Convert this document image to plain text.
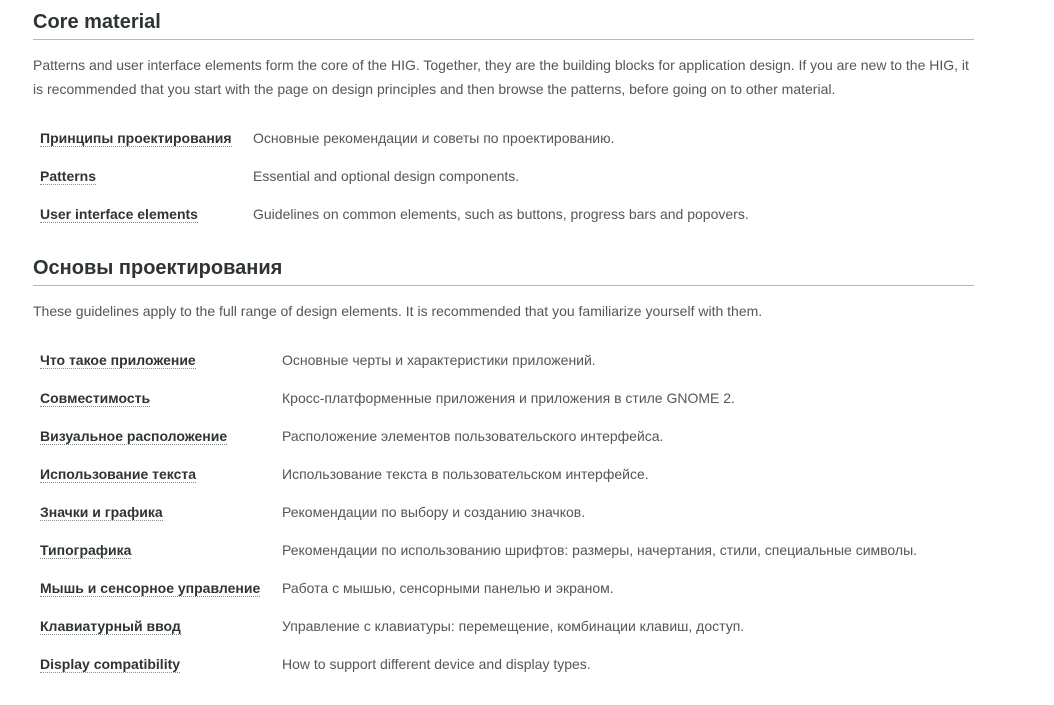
Core material

Patterns and user interface elements form the core of the HIG. Together, they are the building blocks for application design. If you are new to the HIG, it is recommended that you start with the page on design principles and then browse the patterns, before going on to other material.

Принципы проектирования	Основные рекомендации и советы по проектированию.
Patterns	Essential and optional design components.
User interface elements	Guidelines on common elements, such as buttons, progress bars and popovers.
Основы проектирования

These guidelines apply to the full range of design elements. It is recommended that you familiarize yourself with them.

Что такое приложение	Основные черты и характеристики приложений.
Совместимость	Кросс-платформенные приложения и приложения в стиле GNOME 2.
Визуальное расположение	Расположение элементов пользовательского интерфейса.
Использование текста	Использование текста в пользовательском интерфейсе.
Значки и графика	Рекомендации по выбору и созданию значков.
Типографика	Рекомендации по использованию шрифтов: размеры, начертания, стили, специальные символы.
Мышь и сенсорное управление	Работа с мышью, сенсорными панелью и экраном.
Клавиатурный ввод	Управление с клавиатуры: перемещение, комбинации клавиш, доступ.
Display compatibility	How to support different device and display types.
